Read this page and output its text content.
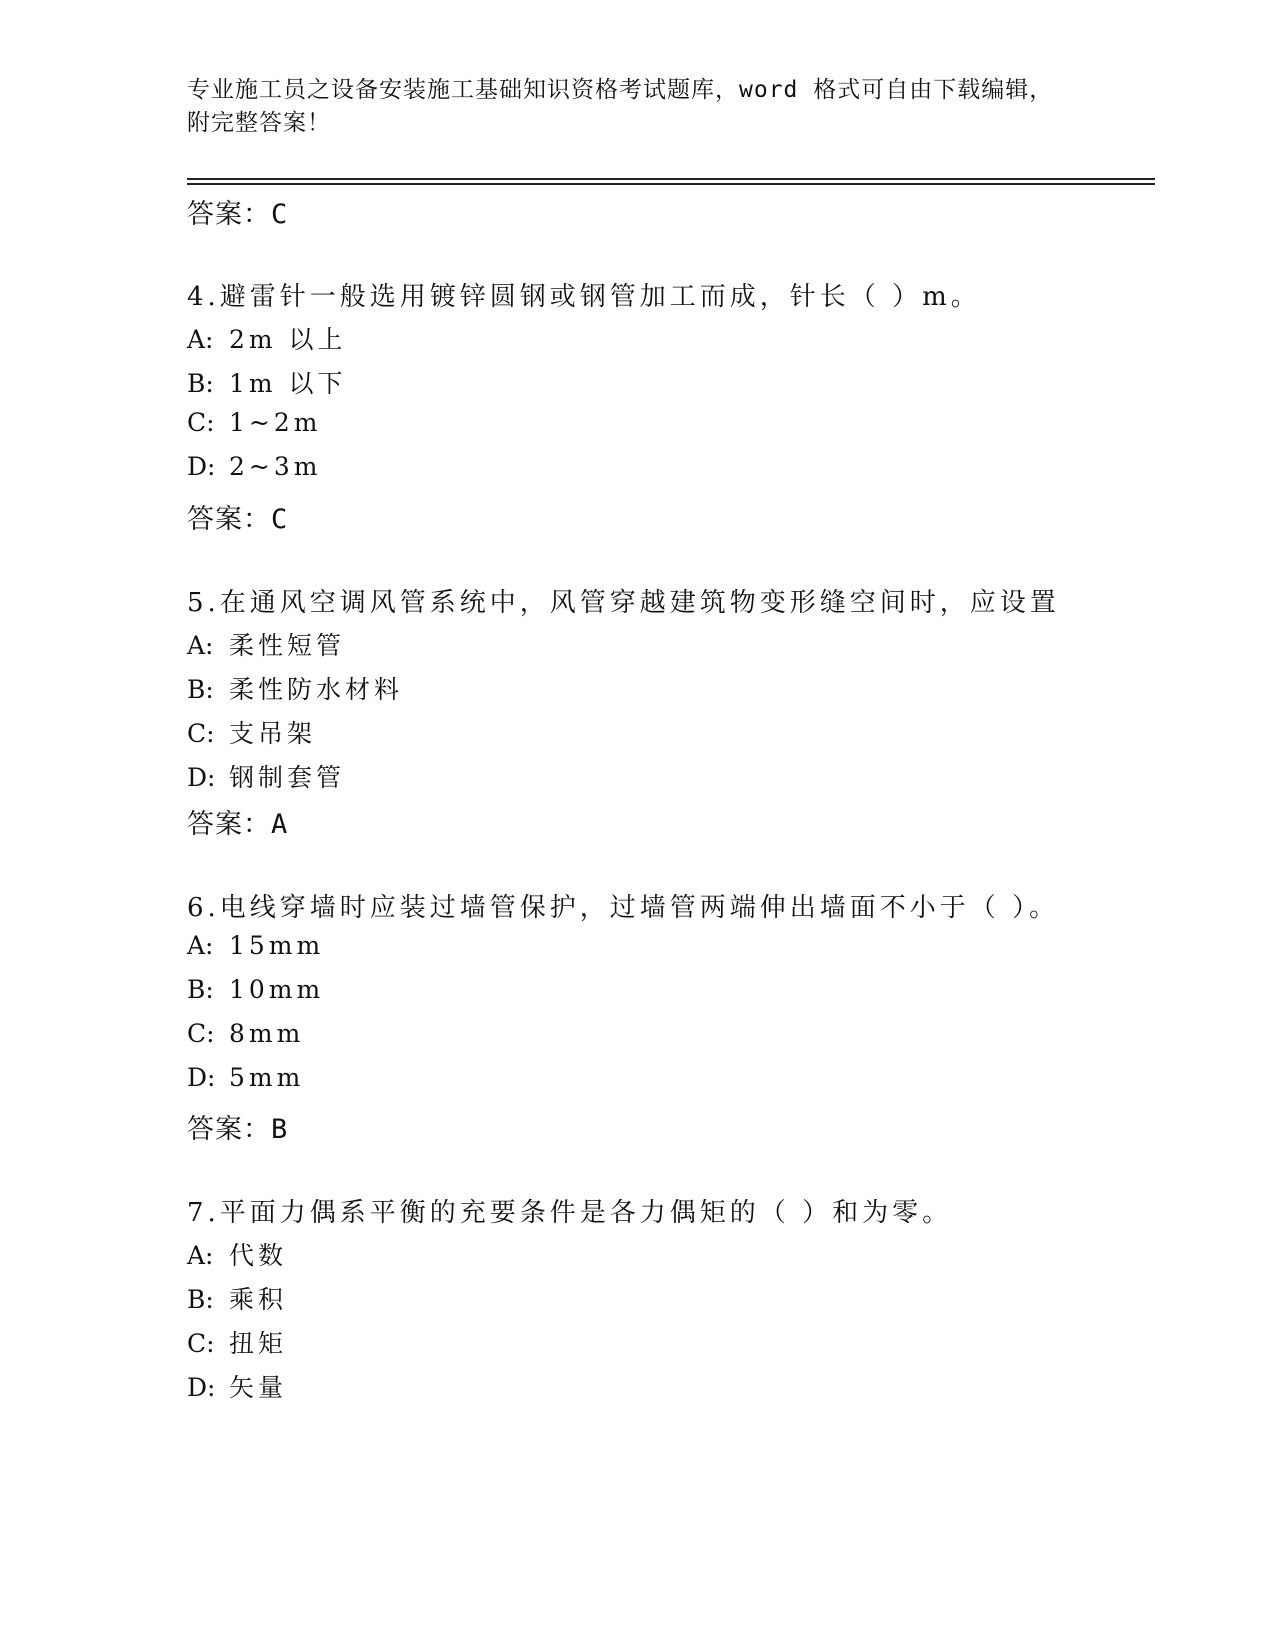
专业施工员之设备安装施工基础知识资格考试题库，word 格式可自由下载编辑，
附完整答案！
答案：C
4.避雷针一般选用镀锌圆钢或钢管加工而成，针长（ ）m。
A: 2m 以上
B: 1m 以下
C: 1~2m
D: 2~3m
答案：C
5.在通风空调风管系统中，风管穿越建筑物变形缝空间时，应设置
A: 柔性短管
B: 柔性防水材料
C: 支吊架
D: 钢制套管
答案：A
6.电线穿墙时应装过墙管保护，过墙管两端伸出墙面不小于（ ）。
A: 15mm
B: 10mm
C: 8mm
D: 5mm
答案：B
7.平面力偶系平衡的充要条件是各力偶矩的（ ）和为零。
A: 代数
B: 乘积
C: 扭矩
D: 矢量
